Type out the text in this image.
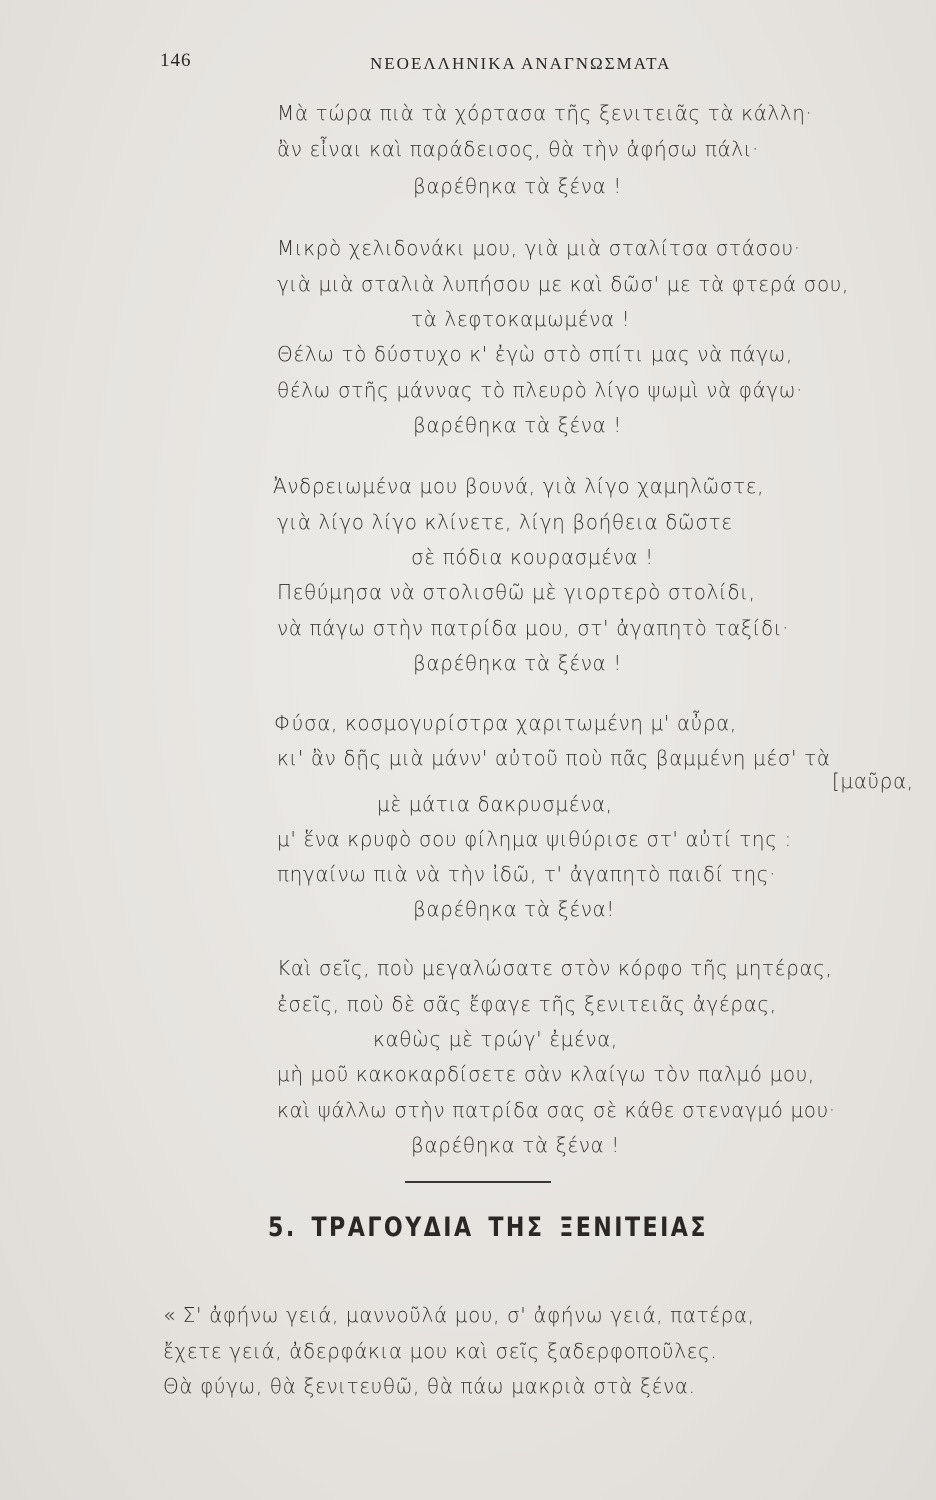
146	ΝΕΟΕΛΛΗΝΙΚΑ ΑΝΑΓΝΩΣΜΑΤΑ
Μὰ τώρα πιὰ τὰ χόρτασα τῆς ξενιτειᾶς τὰ κάλλη·
ἂν εἶναι καὶ παράδεισος, θὰ τὴν ἀφήσω πάλι·
βαρέθηκα τὰ ξένα !
Μικρὸ χελιδονάκι μου, γιὰ μιὰ σταλίτσα στάσου·
γιὰ μιὰ σταλιὰ λυπήσου με καὶ δῶσ' με τὰ φτερά σου,
τὰ λεφτοκαμωμένα !
Θέλω τὸ δύστυχο κ' ἐγὼ στὸ σπίτι μας νὰ πάγω,
θέλω στῆς μάννας τὸ πλευρὸ λίγο ψωμὶ νὰ φάγω·
βαρέθηκα τὰ ξένα !
Ἀνδρειωμένα μου βουνά, γιὰ λίγο χαμηλῶστε,
γιὰ λίγο λίγο κλίνετε, λίγη βοήθεια δῶστε
σὲ πόδια κουρασμένα !
Πεθύμησα νὰ στολισθῶ μὲ γιορτερὸ στολίδι,
νὰ πάγω στὴν πατρίδα μου, στ' ἀγαπητὸ ταξίδι·
βαρέθηκα τὰ ξένα !
Φύσα, κοσμογυρίστρα χαριτωμένη μ' αὖρα,
κι' ἂν δῇς μιὰ μάνν' αὐτοῦ ποὺ πᾶς βαμμένη μέσ' τὰ
[μαῦρα,
μὲ μάτια δακρυσμένα,
μ' ἕνα κρυφὸ σου φίλημα ψιθύρισε στ' αὐτί της :
πηγαίνω πιὰ νὰ τὴν ἰδῶ, τ' ἀγαπητὸ παιδί της·
βαρέθηκα τὰ ξένα!
Καὶ σεῖς, ποὺ μεγαλώσατε στὸν κόρφο τῆς μητέρας,
ἐσεῖς, ποὺ δὲ σᾶς ἔφαγε τῆς ξενιτειᾶς ἀγέρας,
καθὼς μὲ τρώγ' ἐμένα,
μὴ μοῦ κακοκαρδίσετε σὰν κλαίγω τὸν παλμό μου,
καὶ ψάλλω στὴν πατρίδα σας σὲ κάθε στεναγμό μου·
βαρέθηκα τὰ ξένα !
5. ΤΡΑΓΟΥΔΙΑ ΤΗΣ ΞΕΝΙΤΕΙΑΣ
« Σ' ἀφήνω γειά, μαννοῦλά μου, σ' ἀφήνω γειά, πατέρα,
ἔχετε γειά, ἀδερφάκια μου καὶ σεῖς ξαδερφοποῦλες.
Θὰ φύγω, θὰ ξενιτευθῶ, θὰ πάω μακριὰ στὰ ξένα.
